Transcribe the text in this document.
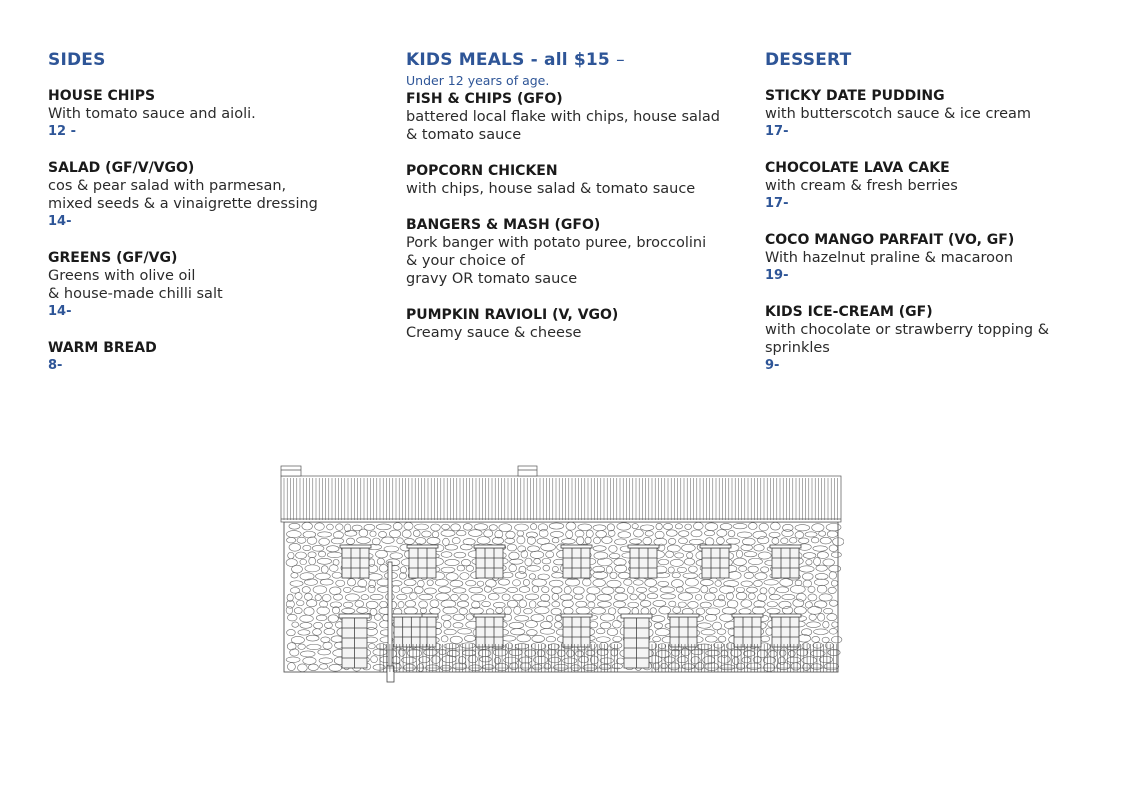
SIDES
HOUSE CHIPS
With tomato sauce and aioli.
12 -
SALAD (GF/V/VGO)
cos & pear salad with parmesan,
mixed seeds & a vinaigrette dressing
14-
GREENS (GF/VG)
Greens with olive oil
& house-made chilli salt
14-
WARM BREAD
8-
KIDS MEALS - all $15 –
Under 12 years of age.
FISH & CHIPS (GFO)
battered local flake with chips, house salad
& tomato sauce
POPCORN CHICKEN
with chips, house salad & tomato sauce
BANGERS & MASH (GFO)
Pork banger with potato puree, broccolini
& your choice of
gravy OR tomato sauce
PUMPKIN RAVIOLI (V, VGO)
Creamy sauce & cheese
DESSERT
STICKY DATE PUDDING
with butterscotch sauce & ice cream
17-
CHOCOLATE LAVA CAKE
with cream & fresh berries
17-
COCO MANGO PARFAIT (VO, GF)
With hazelnut praline & macaroon
19-
KIDS ICE-CREAM (GF)
with chocolate or strawberry topping &
sprinkles
9-
